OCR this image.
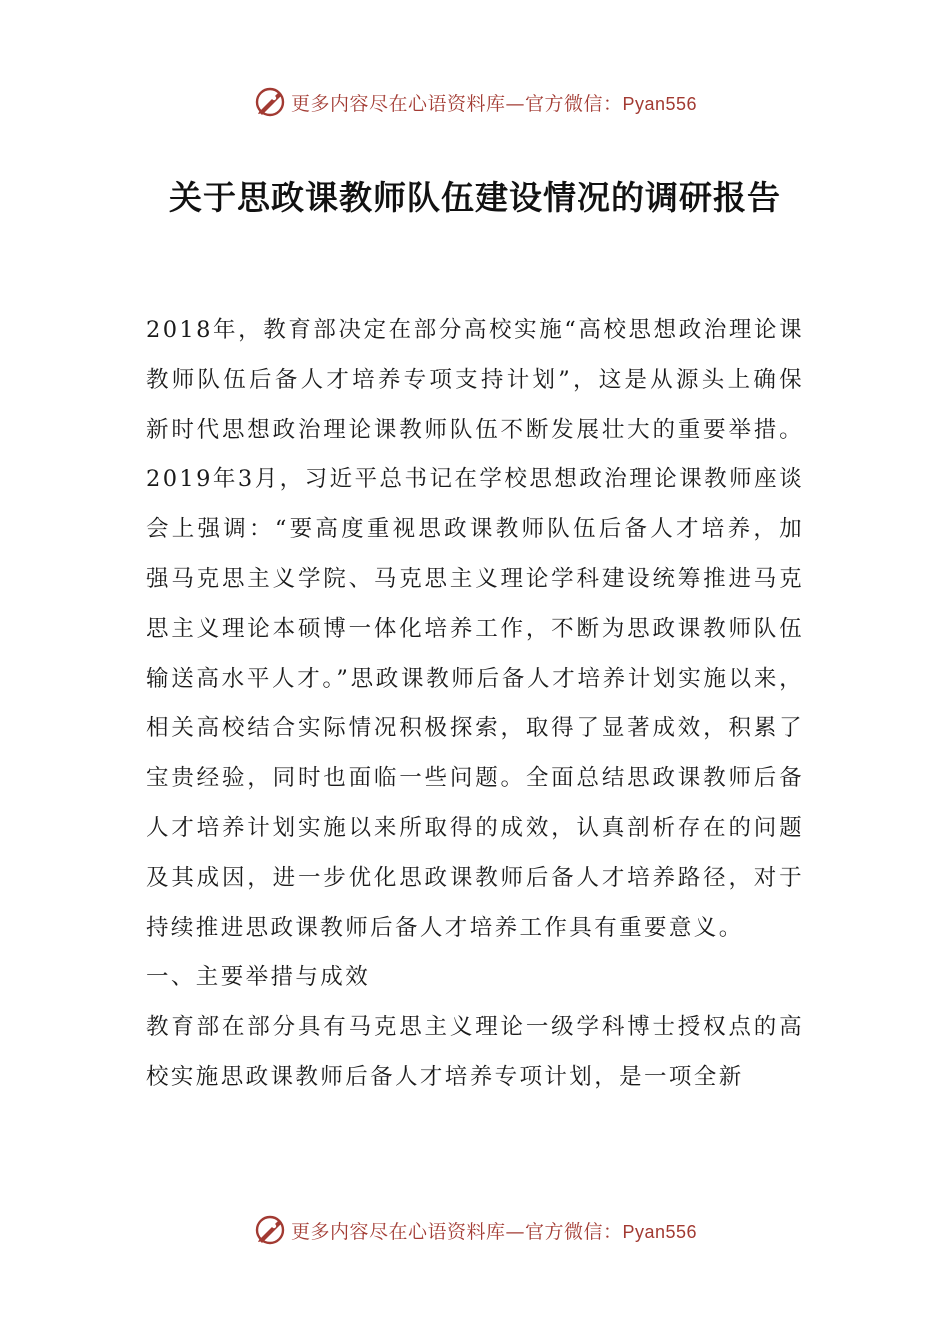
更多内容尽在心语资料库—官方微信：Pyan556
关于思政课教师队伍建设情况的调研报告

2018年，教育部决定在部分高校实施“高校思想政治理论课教师队伍后备人才培养专项支持计划”，这是从源头上确保新时代思想政治理论课教师队伍不断发展壮大的重要举措。2019年3月，习近平总书记在学校思想政治理论课教师座谈会上强调：“要高度重视思政课教师队伍后备人才培养，加强马克思主义学院、马克思主义理论学科建设统筹推进马克思主义理论本硕博一体化培养工作，不断为思政课教师队伍输送高水平人才。”思政课教师后备人才培养计划实施以来，相关高校结合实际情况积极探索，取得了显著成效，积累了宝贵经验，同时也面临一些问题。全面总结思政课教师后备人才培养计划实施以来所取得的成效，认真剖析存在的问题及其成因，进一步优化思政课教师后备人才培养路径，对于持续推进思政课教师后备人才培养工作具有重要意义。

一、主要举措与成效

教育部在部分具有马克思主义理论一级学科博士授权点的高校实施思政课教师后备人才培养专项计划，是一项全新

更多内容尽在心语资料库—官方微信：Pyan556
